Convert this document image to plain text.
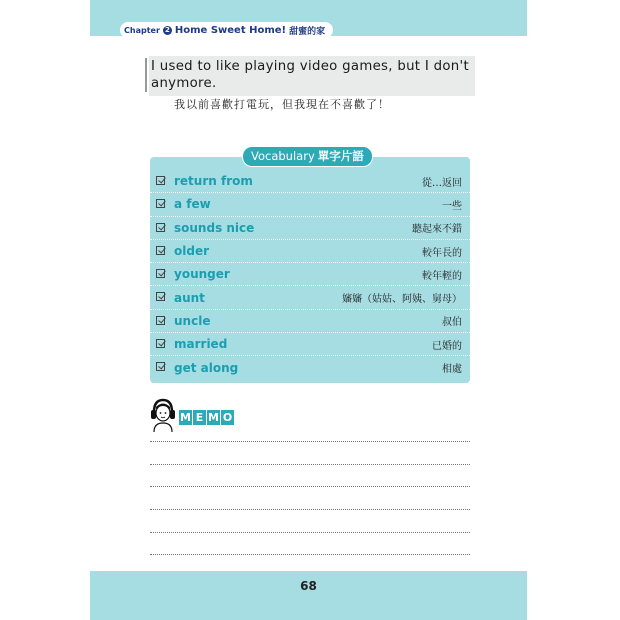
Chapter 2 Home Sweet Home! 甜蜜的家
I used to like playing video games, but I don't anymore.
我以前喜歡打電玩，但我現在不喜歡了！
return from	從…返回
a few	一些
sounds nice	聽起來不錯
older	較年長的
younger	較年輕的
aunt	嬸嬸（姑姑、阿姨、舅母）
uncle	叔伯
married	已婚的
get along	相處
Vocabulary 單字片語
M E M O
68
